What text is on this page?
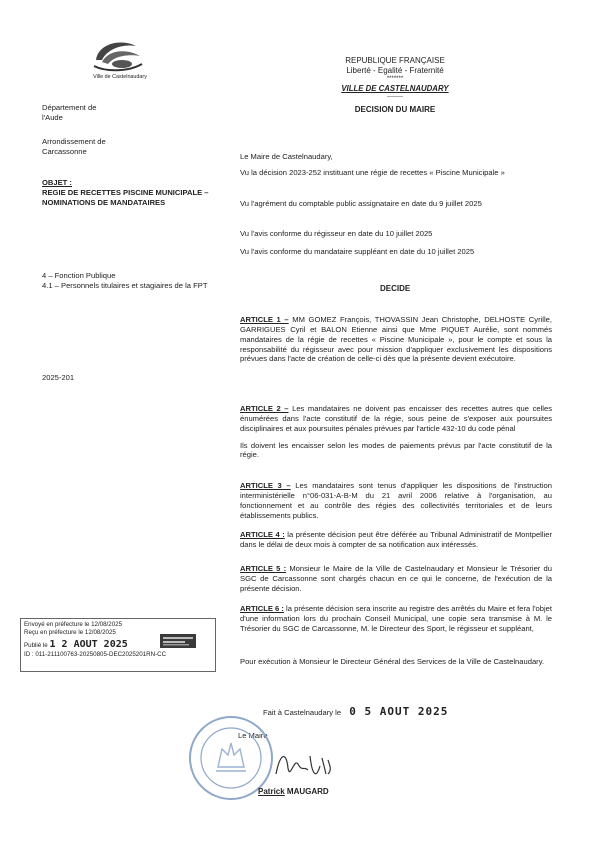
Ville de Castelnaudary
REPUBLIQUE FRANÇAISE
Liberté - Egalité - Fraternité
*******
VILLE DE CASTELNAUDARY
--------
DECISION DU MAIRE
Département de
l'Aude
Arrondissement de
Carcassonne
OBJET :
REGIE DE RECETTES PISCINE MUNICIPALE – NOMINATIONS DE MANDATAIRES
4 – Fonction Publique
4.1 – Personnels titulaires et stagiaires de la FPT
2025-201
Le Maire de Castelnaudary,
Vu la décision 2023-252 instituant une régie de recettes « Piscine Municipale »
Vu l'agrément du comptable public assignataire en date du 9 juillet 2025
Vu l'avis conforme du régisseur en date du 10 juillet 2025
Vu l'avis conforme du mandataire suppléant en date du 10 juillet 2025
DECIDE

ARTICLE 1 – MM GOMEZ François, THOVASSIN Jean Christophe, DELHOSTE Cyrille, GARRIGUES Cyril et BALON Etienne ainsi que Mme PIQUET Aurélie, sont nommés mandataires de la régie de recettes « Piscine Municipale », pour le compte et sous la responsabilité du régisseur avec pour mission d'appliquer exclusivement les dispositions prévues dans l'acte de création de celle-ci dès que la présente devient exécutoire.

ARTICLE 2 – Les mandataires ne doivent pas encaisser des recettes autres que celles énumérées dans l'acte constitutif de la régie, sous peine de s'exposer aux poursuites disciplinaires et aux poursuites pénales prévues par l'article 432-10 du code pénal

Ils doivent les encaisser selon les modes de paiements prévus par l'acte constitutif de la régie.

ARTICLE 3 – Les mandataires sont tenus d'appliquer les dispositions de l'instruction interministérielle n°06-031-A-B-M du 21 avril 2006 relative à l'organisation, au fonctionnement et au contrôle des régies des collectivités territoriales et de leurs établissements publics.

ARTICLE 4 : la présente décision peut être déférée au Tribunal Administratif de Montpellier dans le délai de deux mois à compter de sa notification aux intéressés.

ARTICLE 5 : Monsieur le Maire de la Ville de Castelnaudary et Monsieur le Trésorier du SGC de Carcassonne sont chargés chacun en ce qui le concerne, de l'exécution de la présente décision.

ARTICLE 6 : la présente décision sera inscrite au registre des arrêtés du Maire et fera l'objet d'une information lors du prochain Conseil Municipal, une copie sera transmise à M. le Trésorier du SGC de Carcassonne, M. le Directeur des Sport, le régisseur et suppléant,

Pour exécution à Monsieur le Directeur Général des Services de la Ville de Castelnaudary.
Fait à Castelnaudary le 0 5 AOUT 2025
Le Maire
Patrick MAUGARD
Envoyé en préfecture le 12/08/2025
Reçu en préfecture le 12/08/2025
Publié le 1 2 AOUT 2025
ID : 011-211100763-20250805-DEC2025201RN-CC
